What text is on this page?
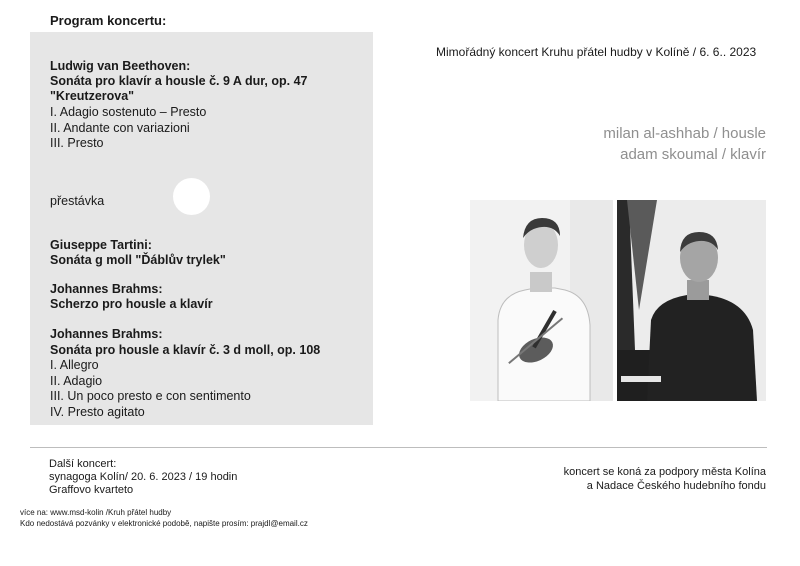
Program koncertu:
Ludwig van Beethoven:
Sonáta pro klavír a housle č. 9 A dur, op. 47
"Kreutzerova"
I. Adagio sostenuto – Presto
II. Andante con variazioni
III. Presto
přestávka
Giuseppe Tartini:
Sonáta g moll "Ďáblův trylek"
Johannes Brahms:
Scherzo pro housle a klavír
Johannes Brahms:
Sonáta pro housle a klavír č. 3 d moll, op. 108
I. Allegro
II. Adagio
III. Un poco presto e con sentimento
IV. Presto agitato
Mimořádný koncert Kruhu přátel hudby v Kolíně / 6. 6.. 2023
milan al-ashhab / housle
adam skoumal / klavír
Další koncert:
synagoga Kolín/ 20. 6. 2023 / 19 hodin
Graffovo kvarteto
více na: www.msd-kolin /Kruh přátel hudby
Kdo nedostává pozvánky v elektronické podobě, napište prosím: prajdl@email.cz
koncert se koná za podpory města Kolína
a Nadace Českého hudebního fondu
